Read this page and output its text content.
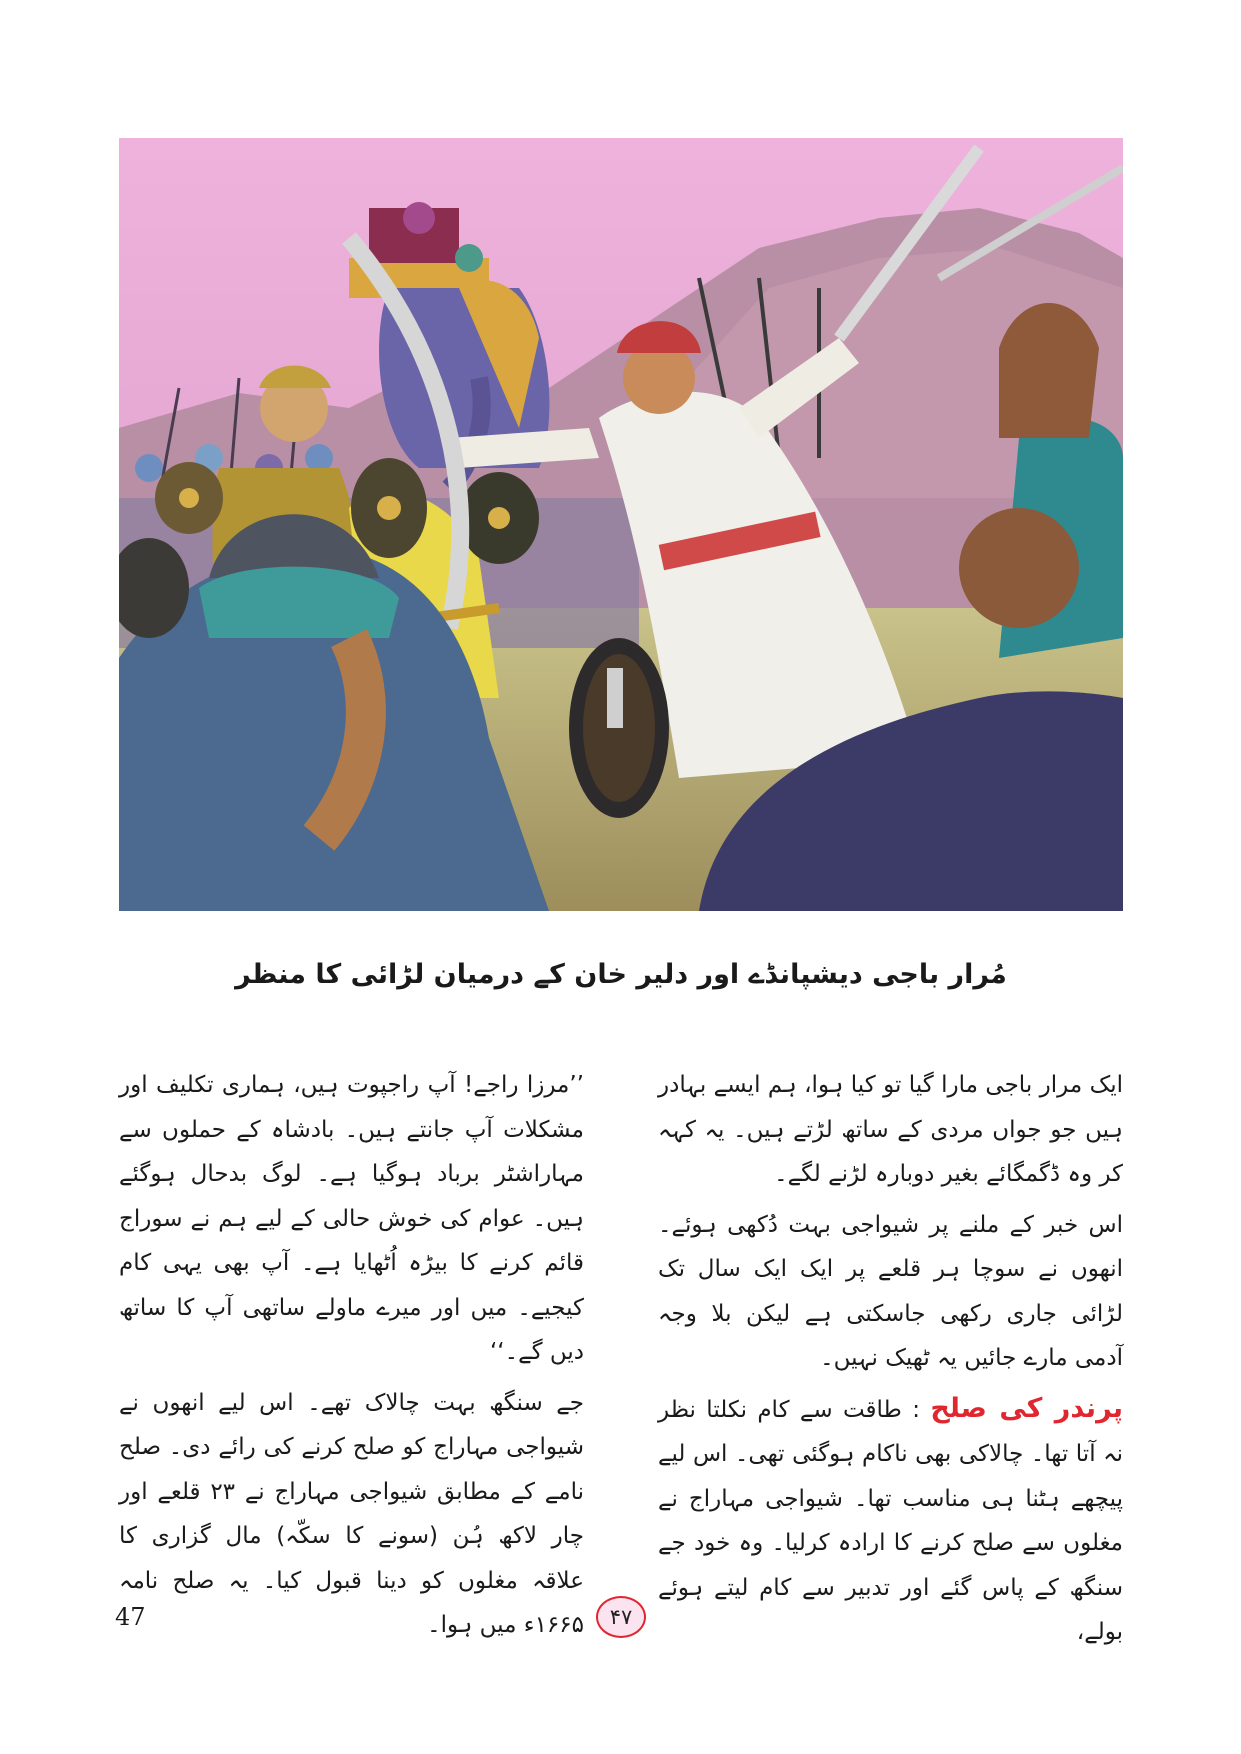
مُرار باجی دیشپانڈے اور دلیر خان کے درمیان لڑائی کا منظر

ایک مرار باجی مارا گیا تو کیا ہوا، ہم ایسے بہادر ہیں جو جواں مردی کے ساتھ لڑتے ہیں۔ یہ کہہ کر وہ ڈگمگائے بغیر دوبارہ لڑنے لگے۔

اس خبر کے ملنے پر شیواجی بہت دُکھی ہوئے۔ انھوں نے سوچا ہر قلعے پر ایک ایک سال تک لڑائی جاری رکھی جاسکتی ہے لیکن بلا وجہ آدمی مارے جائیں یہ ٹھیک نہیں۔

پرندر کی صلح : طاقت سے کام نکلتا نظر نہ آتا تھا۔ چالاکی بھی ناکام ہوگئی تھی۔ اس لیے پیچھے ہٹنا ہی مناسب تھا۔ شیواجی مہاراج نے مغلوں سے صلح کرنے کا ارادہ کرلیا۔ وہ خود جے سنگھ کے پاس گئے اور تدبیر سے کام لیتے ہوئے بولے،

’’مرزا راجے! آپ راجپوت ہیں، ہماری تکلیف اور مشکلات آپ جانتے ہیں۔ بادشاہ کے حملوں سے مہاراشٹر برباد ہوگیا ہے۔ لوگ بدحال ہوگئے ہیں۔ عوام کی خوش حالی کے لیے ہم نے سوراج قائم کرنے کا بیڑہ اُٹھایا ہے۔ آپ بھی یہی کام کیجیے۔ میں اور میرے ماولے ساتھی آپ کا ساتھ دیں گے۔‘‘

جے سنگھ بہت چالاک تھے۔ اس لیے انھوں نے شیواجی مہاراج کو صلح کرنے کی رائے دی۔ صلح نامے کے مطابق شیواجی مہاراج نے ۲۳ قلعے اور چار لاکھ ہُن (سونے کا سکّہ) مال گزاری کا علاقہ مغلوں کو دینا قبول کیا۔ یہ صلح نامہ ۱۶۶۵ء میں ہوا۔

47	۴۷
